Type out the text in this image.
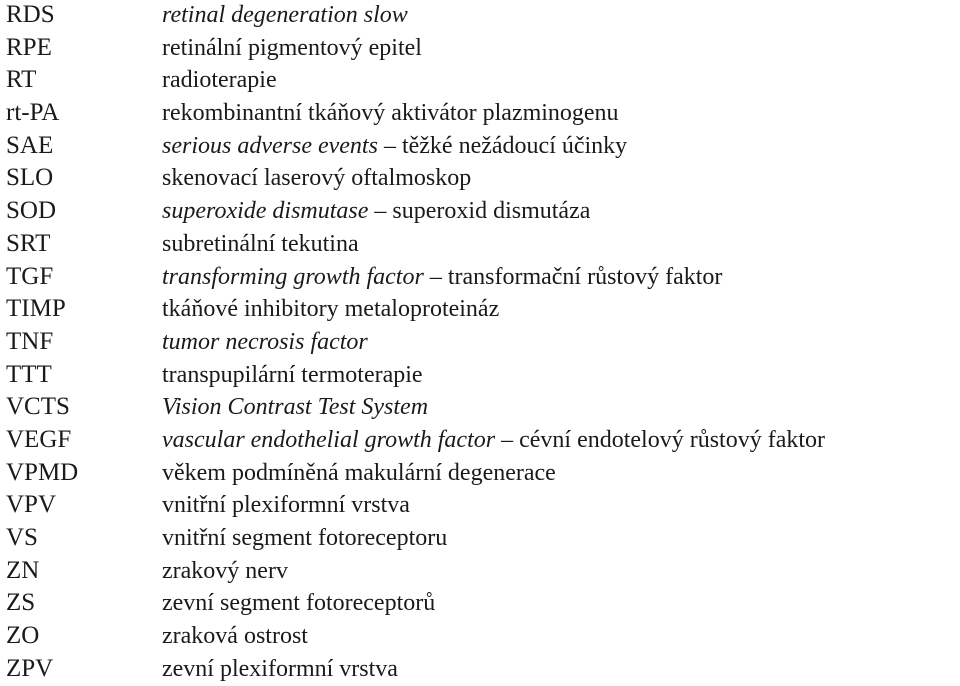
RDS	retinal degeneration slow
RPE	retinální pigmentový epitel
RT	radioterapie
rt-PA	rekombinantní tkáňový aktivátor plazminogenu
SAE	serious adverse events – těžké nežádoucí účinky
SLO	skenovací laserový oftalmoskop
SOD	superoxide dismutase – superoxid dismutáza
SRT	subretinální tekutina
TGF	transforming growth factor – transformační růstový faktor
TIMP	tkáňové inhibitory metaloproteináz
TNF	tumor necrosis factor
TTT	transpupilární termoterapie
VCTS	Vision Contrast Test System
VEGF	vascular endothelial growth factor – cévní endotelový růstový faktor
VPMD	věkem podmíněná makulární degenerace
VPV	vnitřní plexiformní vrstva
VS	vnitřní segment fotoreceptoru
ZN	zrakový nerv
ZS	zevní segment fotoreceptorů
ZO	zraková ostrost
ZPV	zevní plexiformní vrstva
